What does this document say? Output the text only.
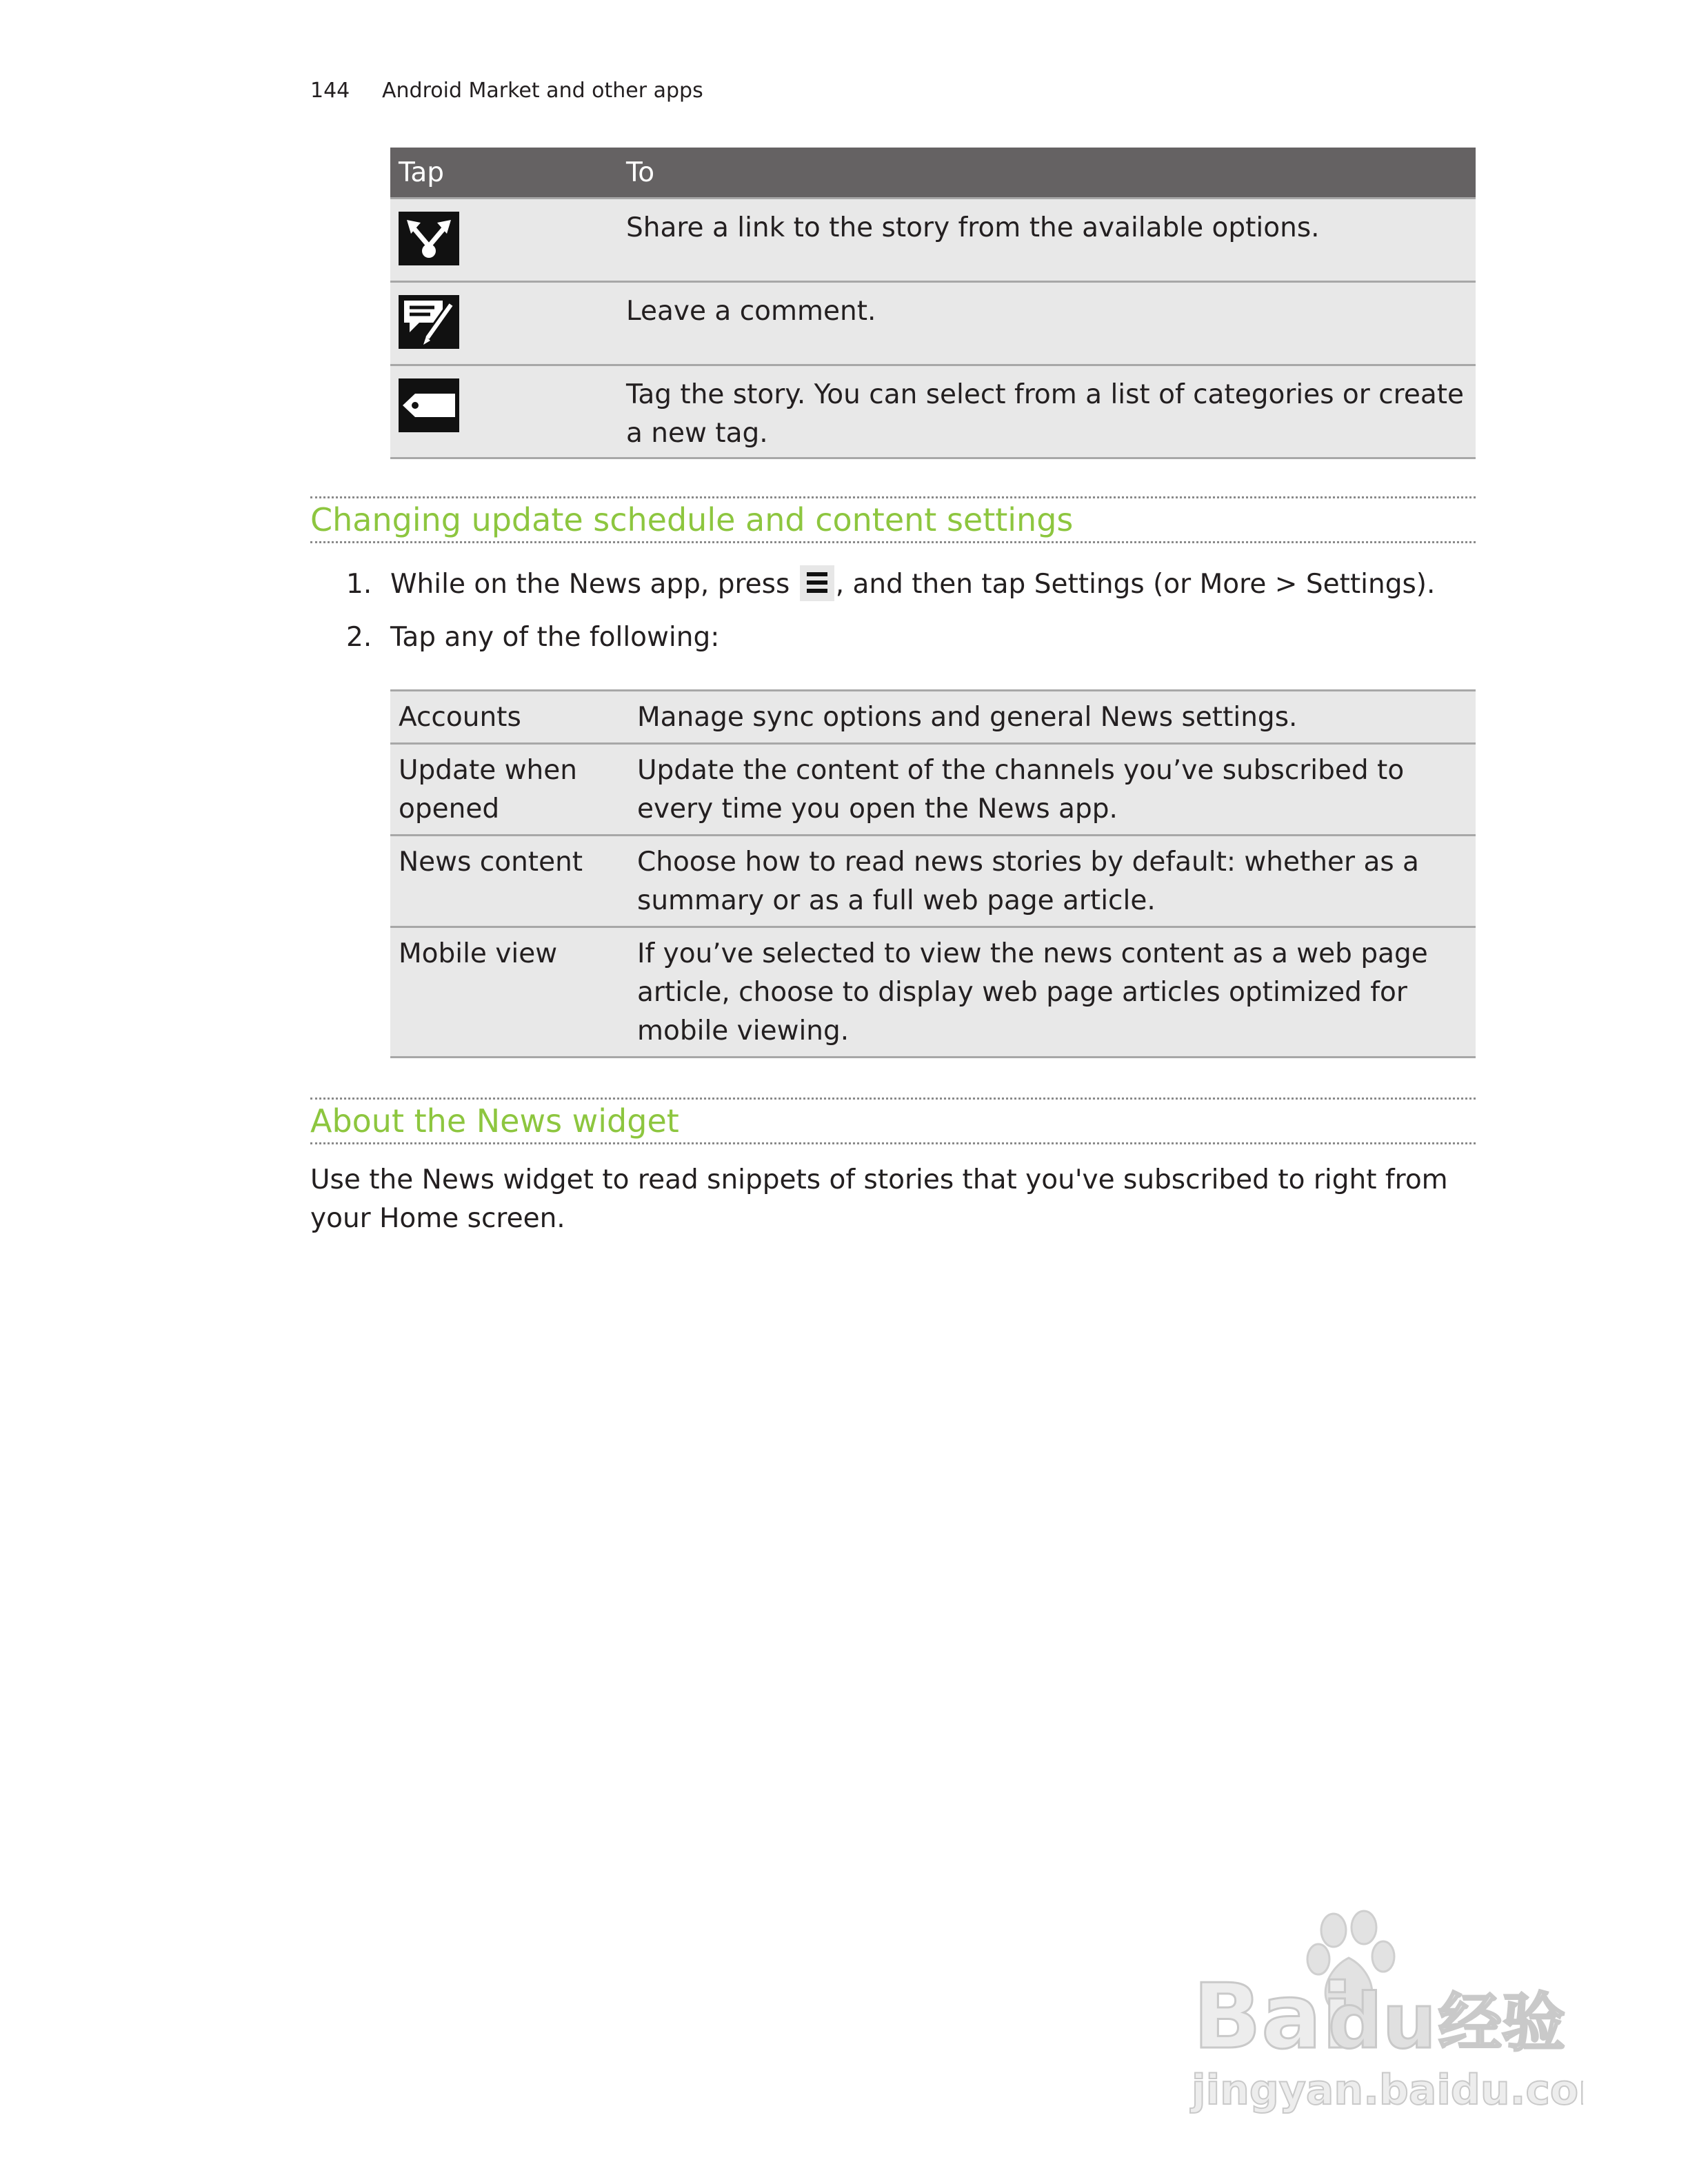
144 Android Market and other apps
Tap	To

	Share a link to the story from the available options.

	Leave a comment.

	Tag the story. You can select from a list of categories or create a new tag.
Changing update schedule and content settings
1. While on the News app, press , and then tap Settings (or More > Settings).
2. Tap any of the following:
Accounts	Manage sync options and general News settings.
Update when opened	Update the content of the channels you’ve subscribed to every time you open the News app.
News content	Choose how to read news stories by default: whether as a summary or as a full web page article.
Mobile view	If you’ve selected to view the news content as a web page article, choose to display web page articles optimized for mobile viewing.
About the News widget
Use the News widget to read snippets of stories that you've subscribed to right from your Home screen.
Bai
du 经验
jingyan.baidu.com
